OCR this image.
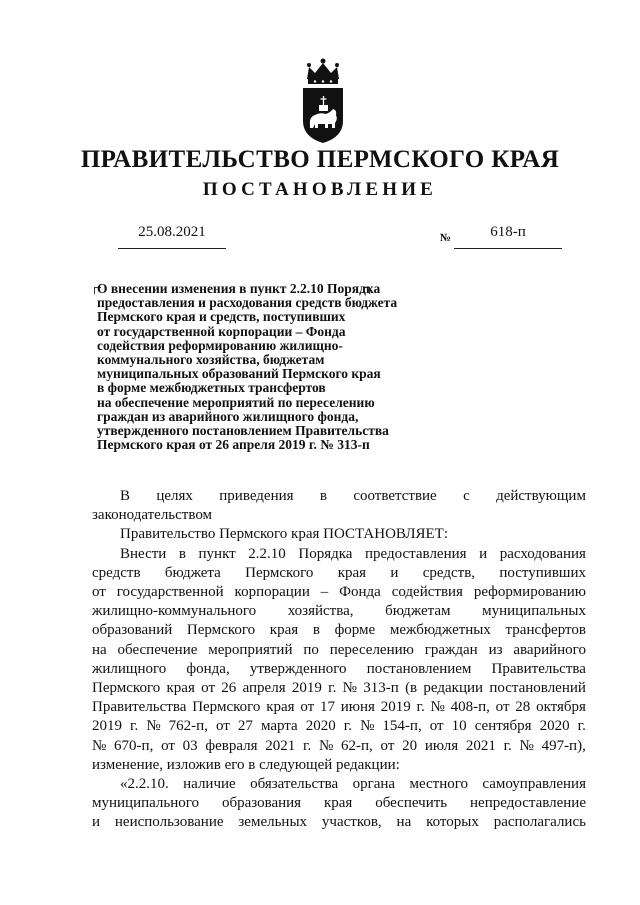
ПРАВИТЕЛЬСТВО ПЕРМСКОГО КРАЯ
ПОСТАНОВЛЕНИЕ
25.08.2021	№	618-п
О внесении изменения в пункт 2.2.10 Порядка
предоставления и расходования средств бюджета
Пермского края и средств, поступивших
от государственной корпорации – Фонда
содействия реформированию жилищно-
коммунального хозяйства, бюджетам
муниципальных образований Пермского края
в форме межбюджетных трансфертов
на обеспечение мероприятий по переселению
граждан из аварийного жилищного фонда,
утвержденного постановлением Правительства
Пермского края от 26 апреля 2019 г. № 313-п
В целях приведения в соответствие с действующим
законодательством
Правительство Пермского края ПОСТАНОВЛЯЕТ:
Внести в пункт 2.2.10 Порядка предоставления и расходования
средств бюджета Пермского края и средств, поступивших
от государственной корпорации – Фонда содействия реформированию
жилищно-коммунального хозяйства, бюджетам муниципальных
образований Пермского края в форме межбюджетных трансфертов
на обеспечение мероприятий по переселению граждан из аварийного
жилищного фонда, утвержденного постановлением Правительства
Пермского края от 26 апреля 2019 г. № 313-п (в редакции постановлений
Правительства Пермского края от 17 июня 2019 г. № 408-п, от 28 октября
2019 г. № 762-п, от 27 марта 2020 г. № 154-п, от 10 сентября 2020 г.
№ 670-п, от 03 февраля 2021 г. № 62-п, от 20 июля 2021 г. № 497-п),
изменение, изложив его в следующей редакции:
«2.2.10. наличие обязательства органа местного самоуправления
муниципального образования края обеспечить непредоставление
и неиспользование земельных участков, на которых располагались
